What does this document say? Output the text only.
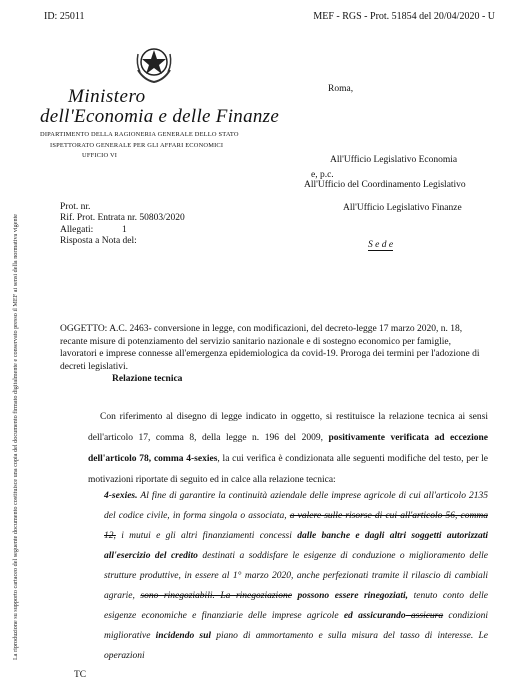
ID: 25011	MEF - RGS - Prot. 51854 del 20/04/2020 - U
La riproduzione su supporto cartaceo del seguente documento costituisce una copia del documento firmato digitalmente e conservato presso il MEF ai sensi della normativa vigente
Ministero
dell'Economia e delle Finanze
DIPARTIMENTO DELLA RAGIONERIA GENERALE DELLO STATO
ISPETTORATO GENERALE PER GLI AFFARI ECONOMICI
UFFICIO VI
Roma,
All'Ufficio Legislativo Economia
e, p.c.
All'Ufficio del Coordinamento Legislativo
All'Ufficio Legislativo Finanze
Prot. nr.
Rif. Prot. Entrata nr. 50803/2020
Allegati:	1
Risposta a Nota del:	S e d e
OGGETTO: A.C. 2463- conversione in legge, con modificazioni, del decreto-legge 17 marzo 2020, n. 18, recante misure di potenziamento del servizio sanitario nazionale e di sostegno economico per famiglie, lavoratori e imprese connesse all'emergenza epidemiologica da covid-19. Proroga dei termini per l'adozione di decreti legislativi.
Relazione tecnica
Con riferimento al disegno di legge indicato in oggetto, si restituisce la relazione tecnica ai sensi dell'articolo 17, comma 8, della legge n. 196 del 2009, positivamente verificata ad eccezione dell'articolo 78, comma 4-sexies, la cui verifica è condizionata alle seguenti modifiche del testo, per le motivazioni riportate di seguito ed in calce alla relazione tecnica:
4-sexies. Al fine di garantire la continuità aziendale delle imprese agricole di cui all'articolo 2135 del codice civile, in forma singola o associata, a valere sulle risorse di cui all'articolo 56, comma 12, i mutui e gli altri finanziamenti concessi dalle banche e dagli altri soggetti autorizzati all'esercizio del credito destinati a soddisfare le esigenze di conduzione o miglioramento delle strutture produttive, in essere al 1° marzo 2020, anche perfezionati tramite il rilascio di cambiali agrarie, sono rinegoziabili. La rinegoziazione possono essere rinegoziati, tenuto conto delle esigenze economiche e finanziarie delle imprese agricole ed assicurando assicura condizioni migliorative incidendo sul piano di ammortamento e sulla misura del tasso di interesse. Le operazioni
TC
